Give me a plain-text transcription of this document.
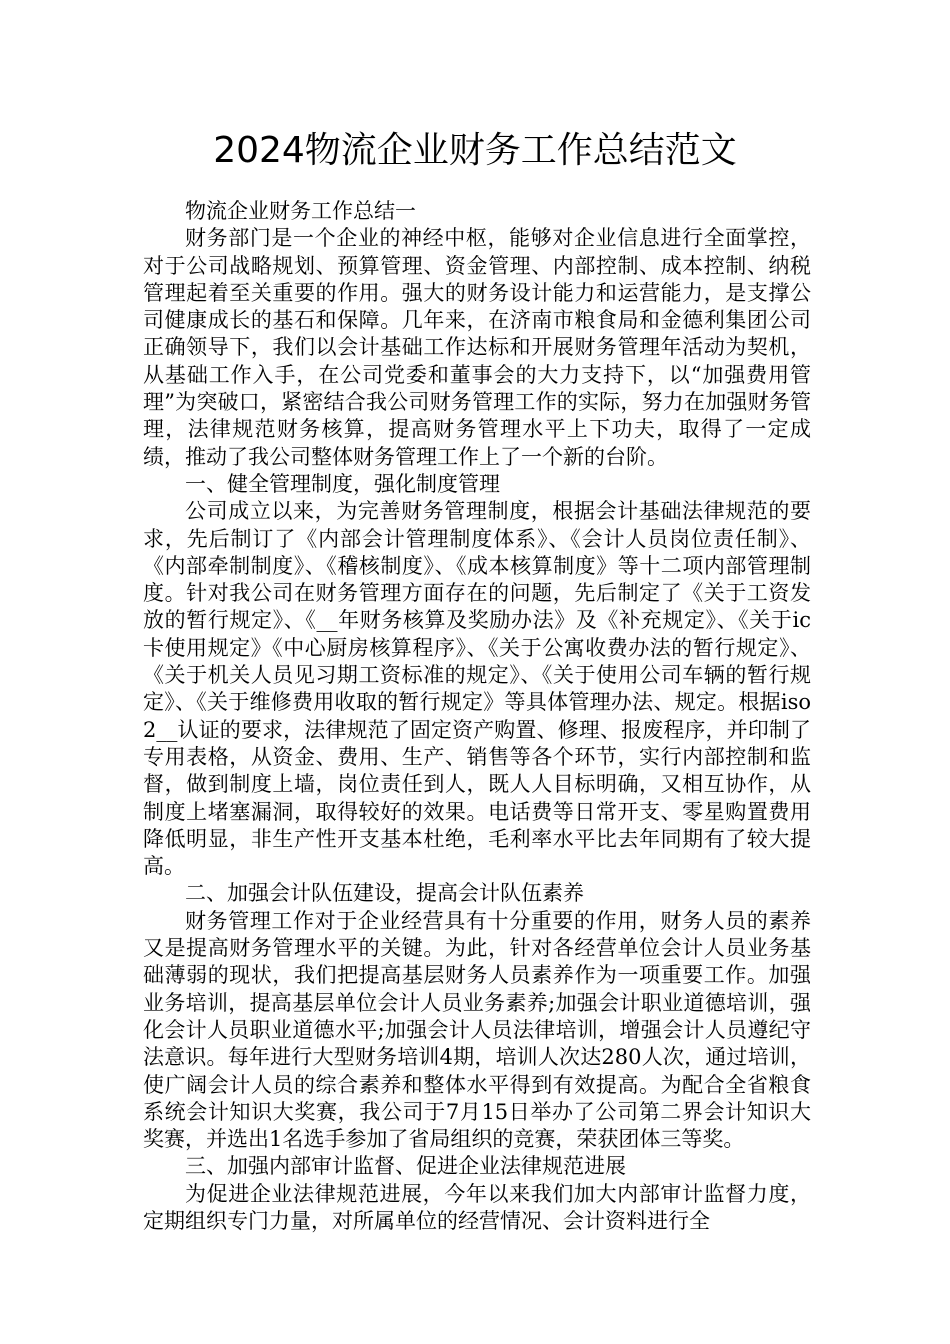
2024物流企业财务工作总结范文

物流企业财务工作总结一

财务部门是一个企业的神经中枢，能够对企业信息进行全面掌控，对于公司战略规划、预算管理、资金管理、内部控制、成本控制、纳税管理起着至关重要的作用。强大的财务设计能力和运营能力，是支撑公司健康成长的基石和保障。几年来，在济南市粮食局和金德利集团公司正确领导下，我们以会计基础工作达标和开展财务管理年活动为契机，从基础工作入手，在公司党委和董事会的大力支持下，以“加强费用管理”为突破口，紧密结合我公司财务管理工作的实际，努力在加强财务管理，法律规范财务核算，提高财务管理水平上下功夫，取得了一定成绩，推动了我公司整体财务管理工作上了一个新的台阶。

一、健全管理制度，强化制度管理

公司成立以来，为完善财务管理制度，根据会计基础法律规范的要求，先后制订了《内部会计管理制度体系》、《会计人员岗位责任制》、《内部牵制制度》、《稽核制度》、《成本核算制度》等十二项内部管理制度。针对我公司在财务管理方面存在的问题，先后制定了《关于工资发放的暂行规定》、《__年财务核算及奖励办法》及《补充规定》、《关于ic卡使用规定》《中心厨房核算程序》、《关于公寓收费办法的暂行规定》、《关于机关人员见习期工资标准的规定》、《关于使用公司车辆的暂行规定》、《关于维修费用收取的暂行规定》等具体管理办法、规定。根据iso2__认证的要求，法律规范了固定资产购置、修理、报废程序，并印制了专用表格，从资金、费用、生产、销售等各个环节，实行内部控制和监督，做到制度上墙，岗位责任到人，既人人目标明确，又相互协作，从制度上堵塞漏洞，取得较好的效果。电话费等日常开支、零星购置费用降低明显，非生产性开支基本杜绝，毛利率水平比去年同期有了较大提高。

二、加强会计队伍建设，提高会计队伍素养

财务管理工作对于企业经营具有十分重要的作用，财务人员的素养又是提高财务管理水平的关键。为此，针对各经营单位会计人员业务基础薄弱的现状，我们把提高基层财务人员素养作为一项重要工作。加强业务培训，提高基层单位会计人员业务素养;加强会计职业道德培训，强化会计人员职业道德水平;加强会计人员法律培训，增强会计人员遵纪守法意识。每年进行大型财务培训4期，培训人次达280人次，通过培训，使广阔会计人员的综合素养和整体水平得到有效提高。为配合全省粮食系统会计知识大奖赛，我公司于7月15日举办了公司第二界会计知识大奖赛，并选出1名选手参加了省局组织的竞赛，荣获团体三等奖。

三、加强内部审计监督、促进企业法律规范进展

为促进企业法律规范进展，今年以来我们加大内部审计监督力度，定期组织专门力量，对所属单位的经营情况、会计资料进行全
